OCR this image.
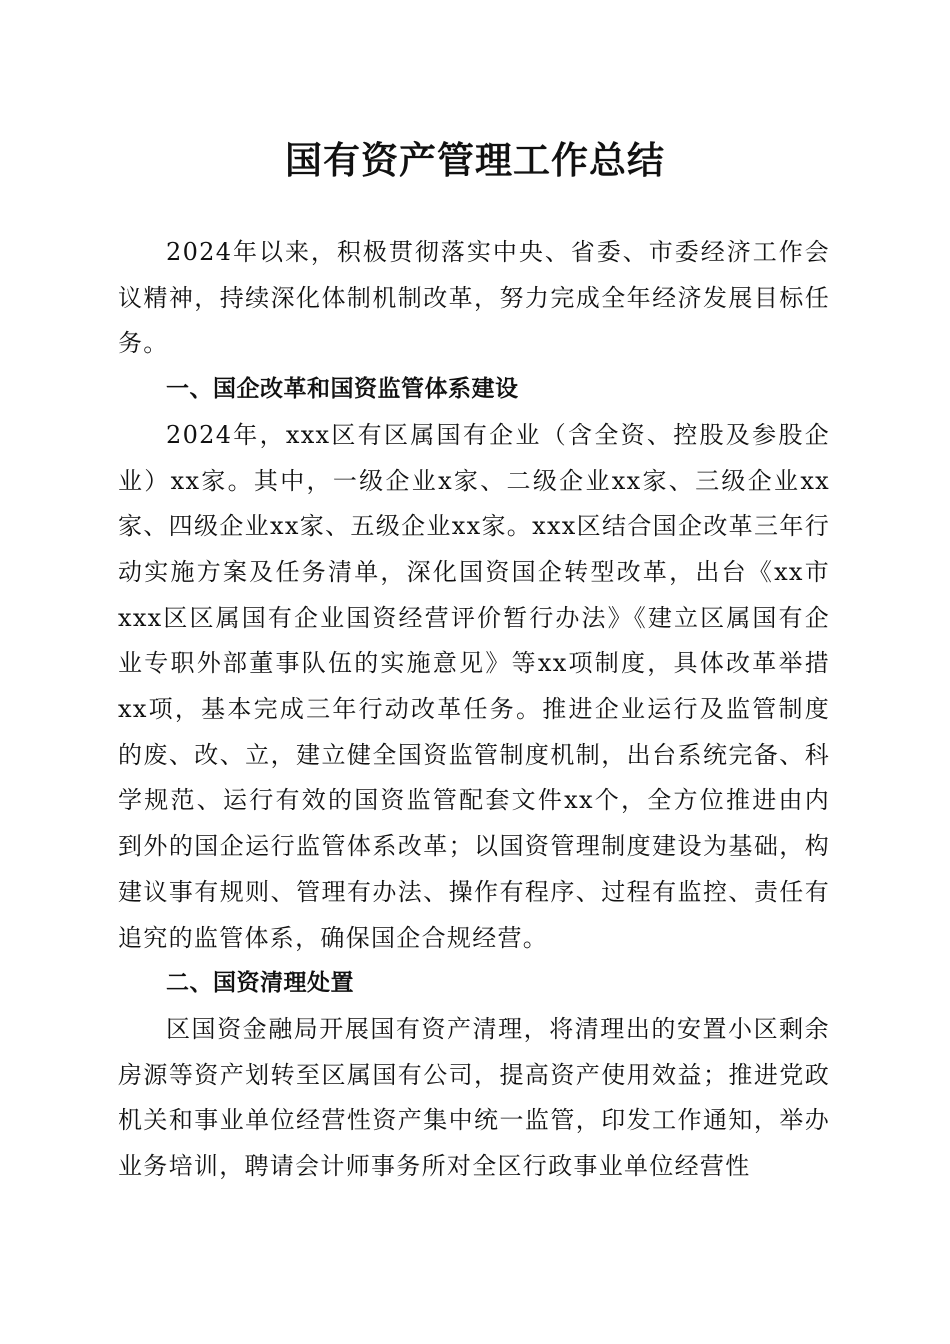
国有资产管理工作总结

2024年以来，积极贯彻落实中央、省委、市委经济工作会议精神，持续深化体制机制改革，努力完成全年经济发展目标任务。

一、国企改革和国资监管体系建设

2024年，xxx区有区属国有企业（含全资、控股及参股企业）xx家。其中，一级企业x家、二级企业xx家、三级企业xx家、四级企业xx家、五级企业xx家。xxx区结合国企改革三年行动实施方案及任务清单，深化国资国企转型改革，出台《xx市xxx区区属国有企业国资经营评价暂行办法》《建立区属国有企业专职外部董事队伍的实施意见》等xx项制度，具体改革举措xx项，基本完成三年行动改革任务。推进企业运行及监管制度的废、改、立，建立健全国资监管制度机制，出台系统完备、科学规范、运行有效的国资监管配套文件xx个，全方位推进由内到外的国企运行监管体系改革；以国资管理制度建设为基础，构建议事有规则、管理有办法、操作有程序、过程有监控、责任有追究的监管体系，确保国企合规经营。

二、国资清理处置

区国资金融局开展国有资产清理，将清理出的安置小区剩余房源等资产划转至区属国有公司，提高资产使用效益；推进党政机关和事业单位经营性资产集中统一监管，印发工作通知，举办业务培训，聘请会计师事务所对全区行政事业单位经营性
